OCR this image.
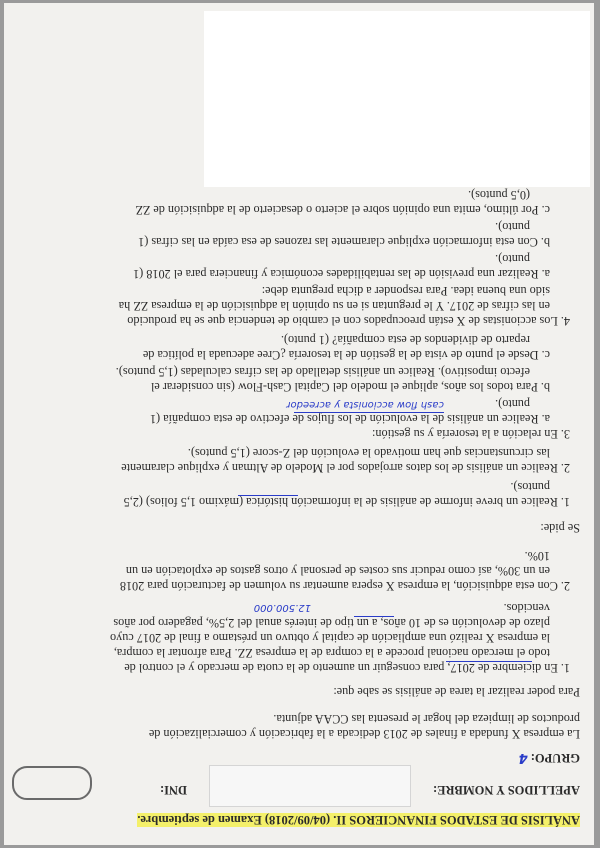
ANÁLISIS DE ESTADOS FINANCIEROS II. (04/09/2018) Examen de septiembre.
APELLIDOS Y NOMBRE:
DNI:
GRUPO: 4
La empresa X fundada a finales de 2013 dedicada a la fabricación y comercialización de
productos de limpieza del hogar le presenta las CCAA adjunta.
Para poder realizar la tarea de análisis se sabe que:
1. En diciembre de 2017, para conseguir un aumento de la cuota de mercado y el control de
todo el mercado nacional procede a la compra de la empresa ZZ. Para afrontar la compra,
la empresa X realizó una ampliación de capital y obtuvo un préstamo a final de 2017 cuyo
plazo de devolución es de 10 años, a un tipo de interés anual del 2,5%, pagadero por años
vencidos.
12.500.000
2. Con esta adquisición, la empresa X espera aumentar su volumen de facturación para 2018
en un 30%, así como reducir sus costes de personal y otros gastos de explotación en un
10%.
Se pide:
1. Realice un breve informe de análisis de la información histórica (máximo 1,5 folios) (2,5
puntos).
2. Realice un análisis de los datos arrojados por el Modelo de Altman y explique claramente
las circunstancias que han motivado la evolución del Z-score (1,5 puntos).
3. En relación a la tesorería y su gestión:
a. Realice un análisis de la evolución de los flujos de efectivo de esta compañía (1
punto).
cash flow accionista y acreedor
b. Para todos los años, aplique el modelo del Capital Cash-Flow (sin considerar el
efecto impositivo). Realice un análisis detallado de las cifras calculadas (1,5 puntos).
c. Desde el punto de vista de la gestión de la tesorería ¿Cree adecuada la política de
reparto de dividendos de esta compañía? (1 punto).
4. Los accionistas de X están preocupados con el cambio de tendencia que se ha producido
en las cifras de 2017. Y le preguntan si en su opinión la adquisición de la empresa ZZ ha
sido una buena idea. Para responder a dicha pregunta debe:
a. Realizar una previsión de las rentabilidades económica y financiera para el 2018 (1
punto).
b. Con esta información explique claramente las razones de esa caída en las cifras (1
punto).
c. Por último, emita una opinión sobre el acierto o desacierto de la adquisición de ZZ
(0,5 puntos).
